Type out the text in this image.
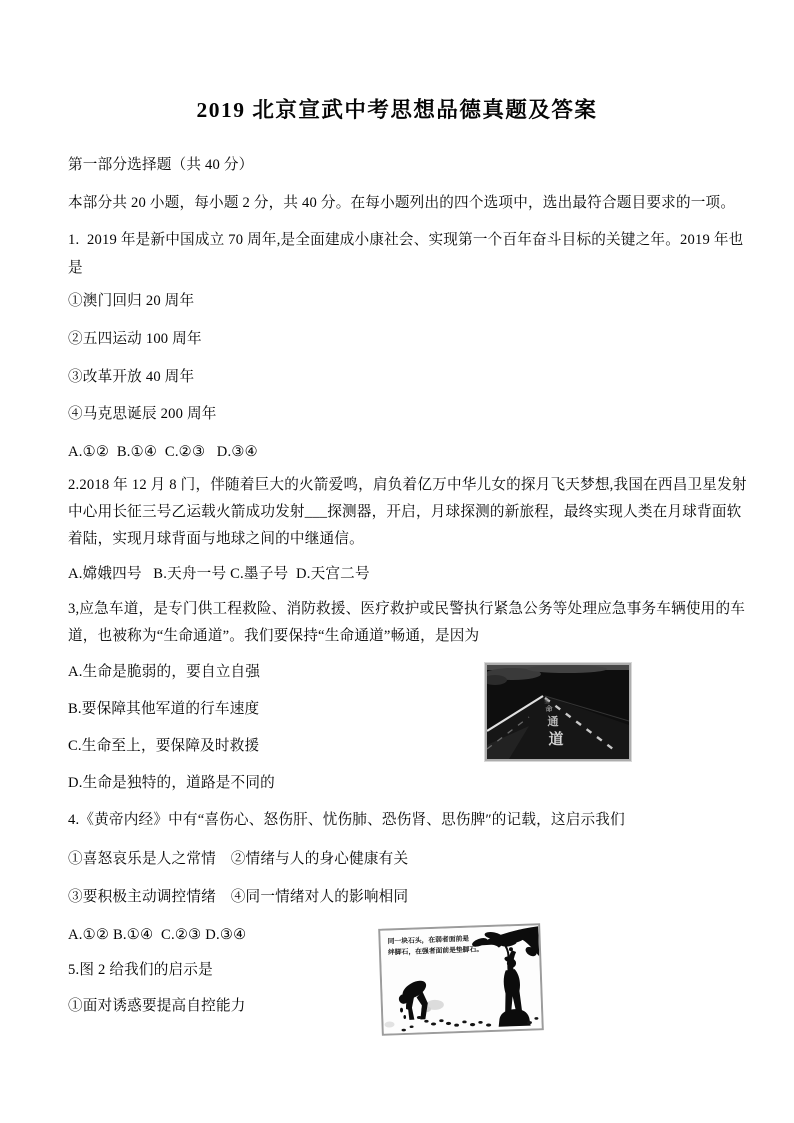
2019 北京宣武中考思想品德真题及答案
第一部分选择题（共 40 分）
本部分共 20 小题，每小题 2 分，共 40 分。在每小题列出的四个选项中，选出最符合题目要求的一项。
1.  2019 年是新中国成立 70 周年,是全面建成小康社会、实现第一个百年奋斗目标的关键之年。2019 年也
是
①澳门回归 20 周年
②五四运动 100 周年
③改革开放 40 周年
④马克思诞辰 200 周年
A.①②  B.①④  C.②③   D.③④
2.2018 年 12 月 8 门，伴随着巨大的火箭爱鸣，肩负着亿万中华儿女的探月飞天梦想,我国在西昌卫星发射
中心用长征三号乙运载火箭成功发射___探测器，开启，月球探测的新旅程，最终实现人类在月球背面软
着陆，实现月球背面与地球之间的中继通信。
A.嫦娥四号   B.天舟一号 C.墨子号  D.天宫二号
3,应急车道，是专门供工程救险、消防救援、医疗救护或民警执行紧急公务等处理应急事务车辆使用的车
道，也被称为“生命通道”。我们要保持“生命通道”畅通，是因为
A.生命是脆弱的，要自立自强
B.要保障其他军道的行车速度
C.生命至上，要保障及时救援
D.生命是独特的，道路是不同的
生
命
通
道
4.《黄帝内经》中有“喜伤心、怒伤肝、忧伤肺、恐伤肾、思伤脾″的记载，这启示我们
①喜怒哀乐是人之常情　②情绪与人的身心健康有关
③要积极主动调控情绪　④同一情绪对人的影响相同
A.①② B.①④  C.②③ D.③④
5.图 2 给我们的启示是
①面对诱惑要提高自控能力
同一块石头，在弱者面前是
绊脚石，在强者面前是垫脚石。
